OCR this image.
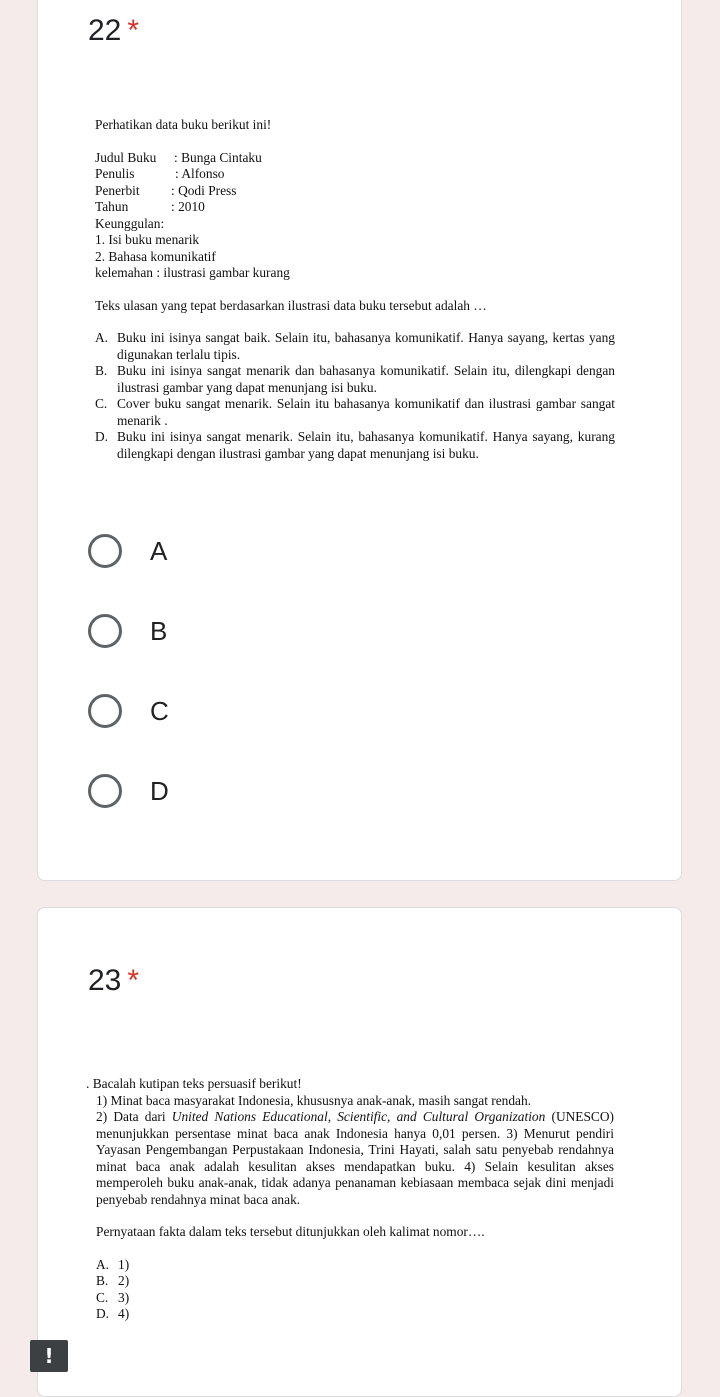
22 *

Perhatikan data buku berikut ini!

Judul Buku	: Bunga Cintaku
Penulis	: Alfonso
Penerbit	: Qodi Press
Tahun	: 2010

Keunggulan:

1. Isi buku menarik

2. Bahasa komunikatif

kelemahan : ilustrasi gambar kurang

Teks ulasan yang tepat berdasarkan ilustrasi data buku tersebut adalah …

A. Buku ini isinya sangat baik. Selain itu, bahasanya komunikatif. Hanya sayang, kertas yang digunakan terlalu tipis.
B. Buku ini isinya sangat menarik dan bahasanya komunikatif. Selain itu, dilengkapi dengan ilustrasi gambar yang dapat menunjang isi buku.
C. Cover buku sangat menarik. Selain itu bahasanya komunikatif dan ilustrasi gambar sangat menarik .
D. Buku ini isinya sangat menarik. Selain itu, bahasanya komunikatif. Hanya sayang, kurang dilengkapi dengan ilustrasi gambar yang dapat menunjang isi buku.
A
B
C
D
23 *

. Bacalah kutipan teks persuasif berikut!

1) Minat baca masyarakat Indonesia, khususnya anak-anak, masih sangat rendah.

2) Data dari United Nations Educational, Scientific, and Cultural Organization (UNESCO) menunjukkan persentase minat baca anak Indonesia hanya 0,01 persen. 3) Menurut pendiri Yayasan Pengembangan Perpustakaan Indonesia, Trini Hayati, salah satu penyebab rendahnya minat baca anak adalah kesulitan akses mendapatkan buku. 4) Selain kesulitan akses memperoleh buku anak-anak, tidak adanya penanaman kebiasaan membaca sejak dini menjadi penyebab rendahnya minat baca anak.

Pernyataan fakta dalam teks tersebut ditunjukkan oleh kalimat nomor….

A. 1)
B. 2)
C. 3)
D. 4)
!
